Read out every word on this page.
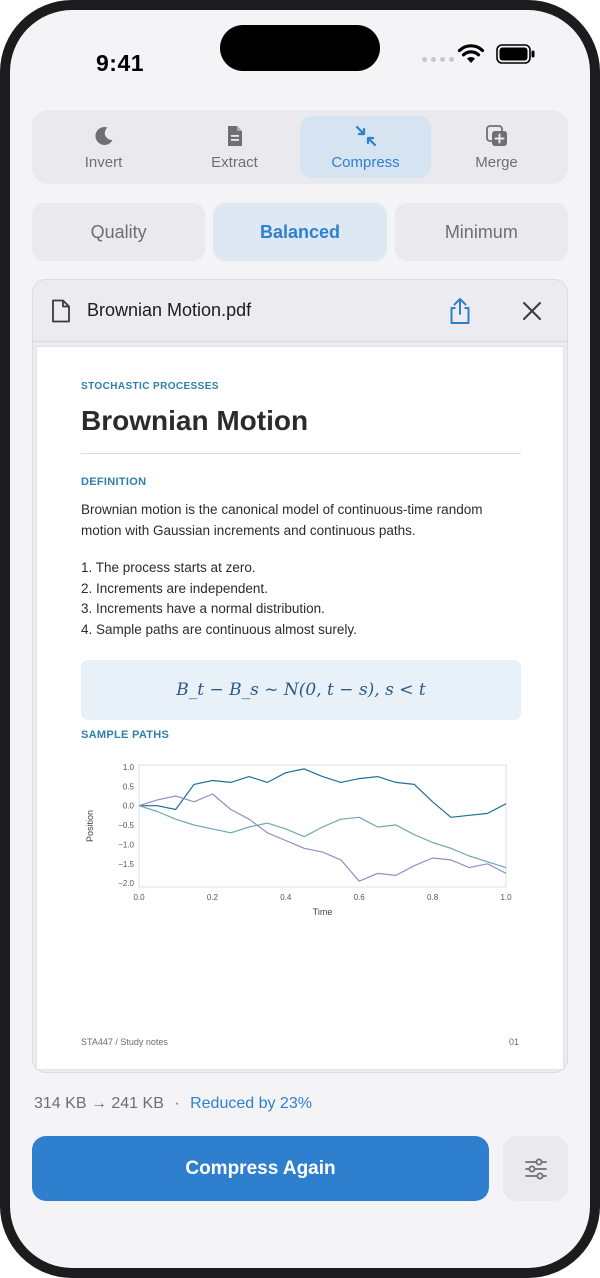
9:41
Invert	Extract	Compress	Merge
Quality	Balanced	Minimum
Brownian Motion.pdf
STOCHASTIC PROCESSES
Brownian Motion
DEFINITION
Brownian motion is the canonical model of continuous-time random motion with Gaussian increments and continuous paths.
1. The process starts at zero.
2. Increments are independent.
3. Increments have a normal distribution.
4. Sample paths are continuous almost surely.
B_t − B_s ~ N(0, t − s), s < t
SAMPLE PATHS
0.0	0.2	0.4	0.6	0.8	1.0
1.0
0.5
0.0
−0.5
−1.0
−1.5
−2.0
Time
Position
STA447 / Study notes	01
314 KB → 241 KB · Reduced by 23%
Compress Again
